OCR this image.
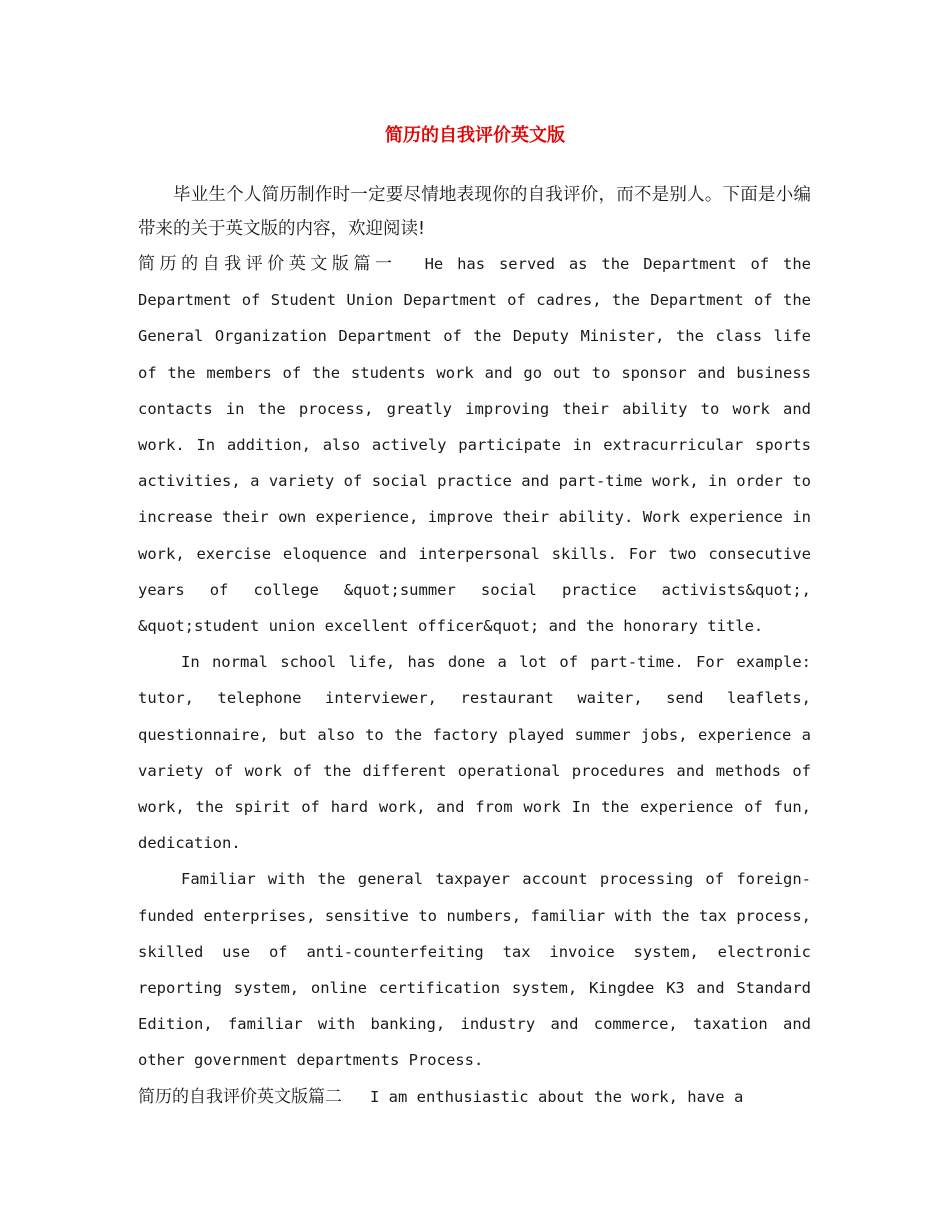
简历的自我评价英文版

毕业生个人简历制作时一定要尽情地表现你的自我评价，而不是别人。下面是小编带来的关于英文版的内容，欢迎阅读!

简历的自我评价英文版篇一 He has served as the Department of the Department of Student Union Department of cadres, the Department of the General Organization Department of the Deputy Minister, the class life of the members of the students work and go out to sponsor and business contacts in the process, greatly improving their ability to work and work. In addition, also actively participate in extracurricular sports activities, a variety of social practice and part-time work, in order to increase their own experience, improve their ability. Work experience in work, exercise eloquence and interpersonal skills. For two consecutive years of college &quot;summer social practice activists&quot;, &quot;student union excellent officer&quot; and the honorary title.

In normal school life, has done a lot of part-time. For example: tutor, telephone interviewer, restaurant waiter, send leaflets, questionnaire, but also to the factory played summer jobs, experience a variety of work of the different operational procedures and methods of work, the spirit of hard work, and from work In the experience of fun, dedication.

Familiar with the general taxpayer account processing of foreign-funded enterprises, sensitive to numbers, familiar with the tax process, skilled use of anti-counterfeiting tax invoice system, electronic reporting system, online certification system, Kingdee K3 and Standard Edition, familiar with banking, industry and commerce, taxation and other government departments Process.

简历的自我评价英文版篇二 I am enthusiastic about the work, have a
